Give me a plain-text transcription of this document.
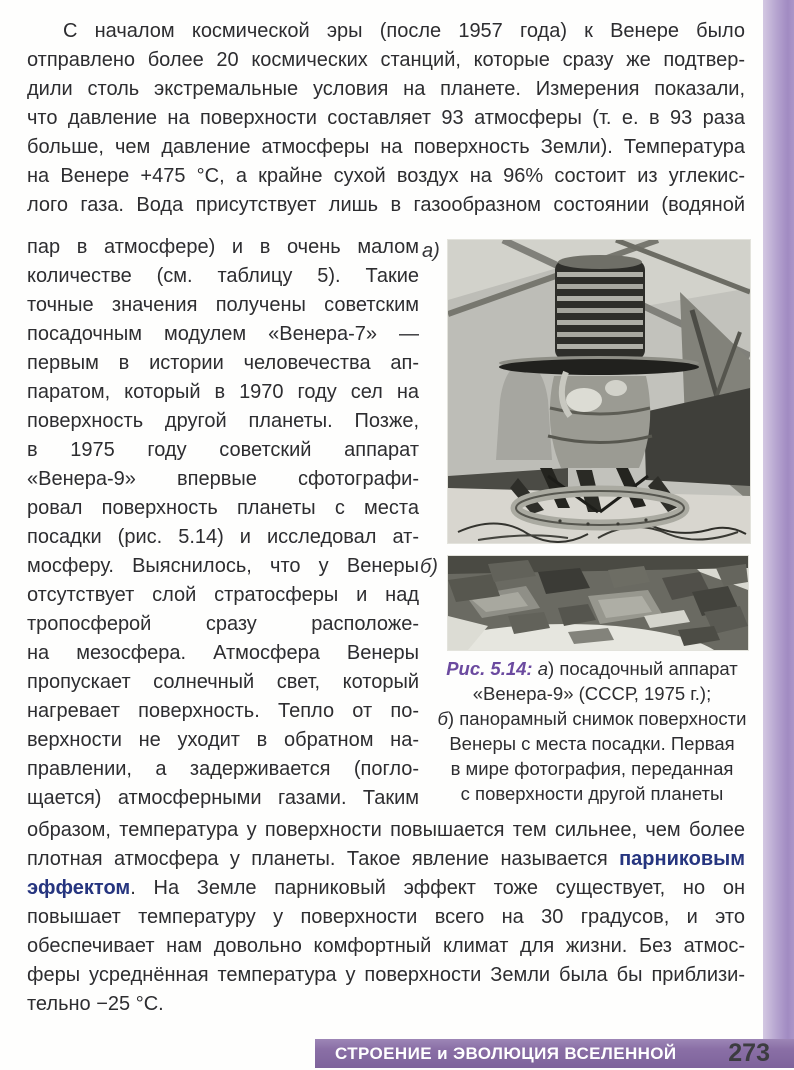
С началом космической эры (после 1957 года) к Венере было
отправлено более 20 космических станций, которые сразу же подтвер-
дили столь экстремальные условия на планете. Измерения показали,
что давление на поверхности составляет 93 атмосферы (т. е. в 93 раза
больше, чем давление атмосферы на поверхность Земли). Температура
на Венере +475 °С, а крайне сухой воздух на 96% состоит из углекис-
лого газа. Вода присутствует лишь в газообразном состоянии (водяной
пар в атмосфере) и в очень малом
количестве (см. таблицу 5). Такие
точные значения получены советским
посадочным модулем «Венера-7» —
первым в истории человечества ап-
паратом, который в 1970 году сел на
поверхность другой планеты. Позже,
в 1975 году советский аппарат
«Венера-9» впервые сфотографи-
ровал поверхность планеты с места
посадки (рис. 5.14) и исследовал ат-
мосферу. Выяснилось, что у Венеры
отсутствует слой стратосферы и над
тропосферой сразу расположе-
на мезосфера. Атмосфера Венеры
пропускает солнечный свет, который
нагревает поверхность. Тепло от по-
верхности не уходит в обратном на-
правлении, а задерживается (погло-
щается) атмосферными газами. Таким
а)
б)
Рис. 5.14: а) посадочный аппарат
«Венера-9» (СССР, 1975 г.);
б) панорамный снимок поверхности
Венеры с места посадки. Первая
в мире фотография, переданная
с поверхности другой планеты
образом, температура у поверхности повышается тем сильнее, чем более
плотная атмосфера у планеты. Такое явление называется парниковым
эффектом. На Земле парниковый эффект тоже существует, но он
повышает температуру у поверхности всего на 30 градусов, и это
обеспечивает нам довольно комфортный климат для жизни. Без атмос-
феры усреднённая температура у поверхности Земли была бы приблизи-
тельно −25 °С.
СТРОЕНИЕ и ЭВОЛЮЦИЯ ВСЕЛЕННОЙ 273
